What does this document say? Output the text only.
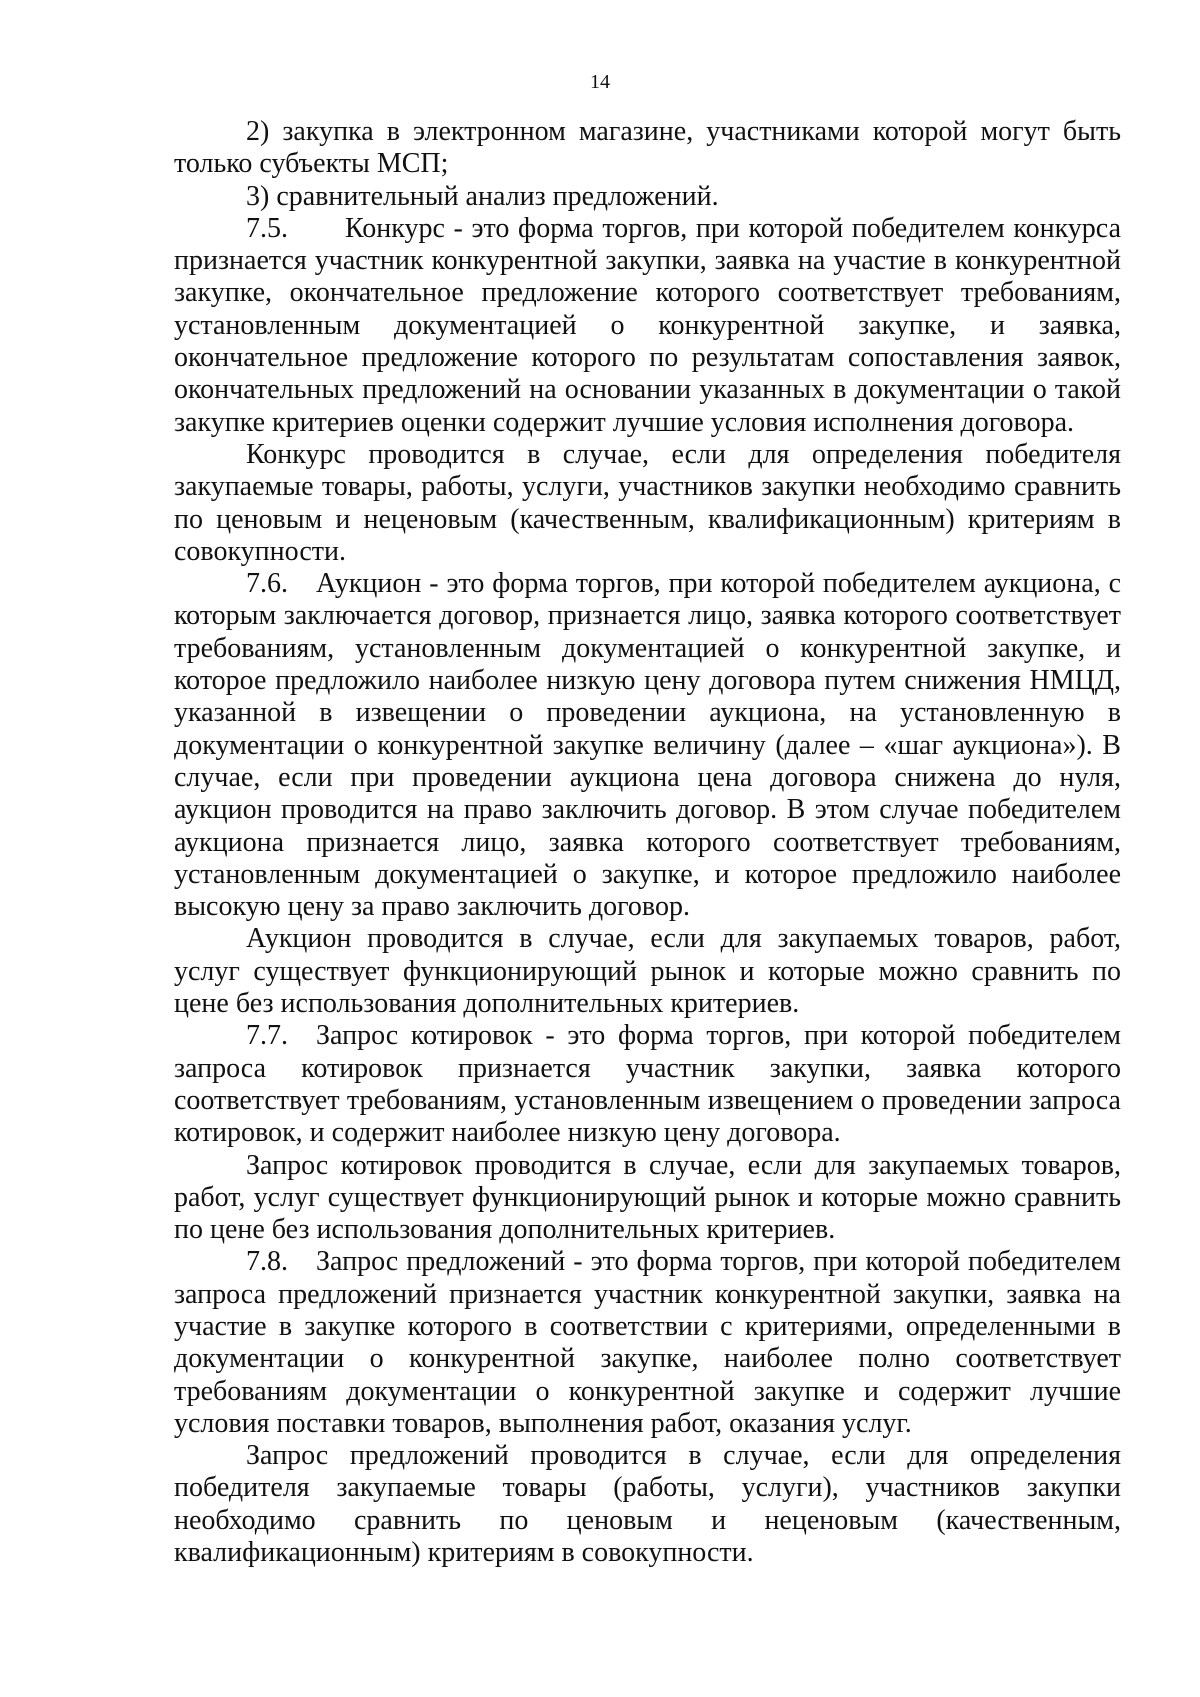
14

2) закупка в электронном магазине, участниками которой могут быть только субъекты МСП;

3) сравнительный анализ предложений.

7.5. Конкурс - это форма торгов, при которой победителем конкурса признается участник конкурентной закупки, заявка на участие в конкурентной закупке, окончательное предложение которого соответствует требованиям, установленным документацией о конкурентной закупке, и заявка, окончательное предложение которого по результатам сопоставления заявок, окончательных предложений на основании указанных в документации о такой закупке критериев оценки содержит лучшие условия исполнения договора.

Конкурс проводится в случае, если для определения победителя закупаемые товары, работы, услуги, участников закупки необходимо сравнить по ценовым и неценовым (качественным, квалификационным) критериям в совокупности.

7.6. Аукцион - это форма торгов, при которой победителем аукциона, с которым заключается договор, признается лицо, заявка которого соответствует требованиям, установленным документацией о конкурентной закупке, и которое предложило наиболее низкую цену договора путем снижения НМЦД, указанной в извещении о проведении аукциона, на установленную в документации о конкурентной закупке величину (далее – «шаг аукциона»). В случае, если при проведении аукциона цена договора снижена до нуля, аукцион проводится на право заключить договор. В этом случае победителем аукциона признается лицо, заявка которого соответствует требованиям, установленным документацией о закупке, и которое предложило наиболее высокую цену за право заключить договор.

Аукцион проводится в случае, если для закупаемых товаров, работ, услуг существует функционирующий рынок и которые можно сравнить по цене без использования дополнительных критериев.

7.7. Запрос котировок - это форма торгов, при которой победителем запроса котировок признается участник закупки, заявка которого соответствует требованиям, установленным извещением о проведении запроса котировок, и содержит наиболее низкую цену договора.

Запрос котировок проводится в случае, если для закупаемых товаров, работ, услуг существует функционирующий рынок и которые можно сравнить по цене без использования дополнительных критериев.

7.8. Запрос предложений - это форма торгов, при которой победителем запроса предложений признается участник конкурентной закупки, заявка на участие в закупке которого в соответствии с критериями, определенными в документации о конкурентной закупке, наиболее полно соответствует требованиям документации о конкурентной закупке и содержит лучшие условия поставки товаров, выполнения работ, оказания услуг.

Запрос предложений проводится в случае, если для определения победителя закупаемые товары (работы, услуги), участников закупки необходимо сравнить по ценовым и неценовым (качественным, квалификационным) критериям в совокупности.
